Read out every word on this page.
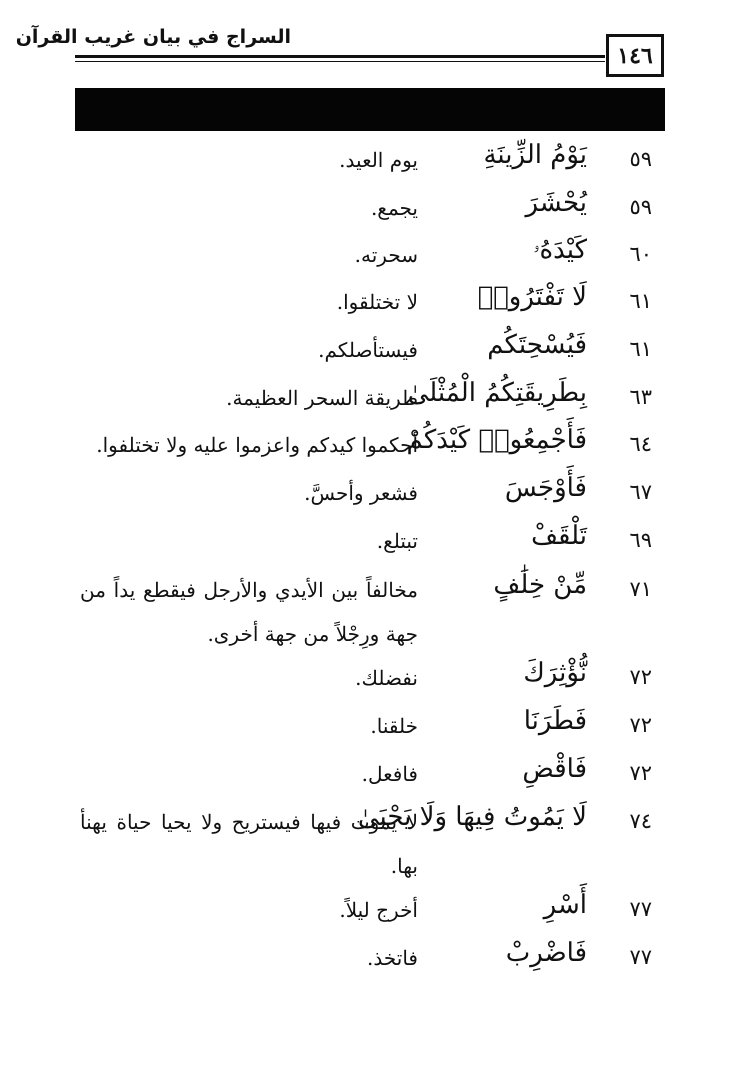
السراج في بيان غريب القرآن
١٤٦
٥٩
يَوْمُ الزِّينَةِ
يوم العيد.
٥٩
يُحْشَرَ
يجمع.
٦٠
كَيْدَهُۥ
سحرته.
٦١
لَا تَفْتَرُوا۟
لا تختلقوا.
٦١
فَيُسْحِتَكُم
فيستأصلكم.
٦٣
بِطَرِيقَتِكُمُ الْمُثْلَىٰ
طريقة السحر العظيمة.
٦٤
فَأَجْمِعُوا۟ كَيْدَكُمْ
أحكموا كيدكم واعزموا عليه ولا تختلفوا.
٦٧
فَأَوْجَسَ
فشعر وأحسَّ.
٦٩
تَلْقَفْ
تبتلع.
٧١
مِّنْ خِلَٰفٍ
مخالفاً بين الأيدي والأرجل فيقطع يداً من جهة ورِجْلاً من جهة أخرى.
٧٢
نُّؤْثِرَكَ
نفضلك.
٧٢
فَطَرَنَا
خلقنا.
٧٢
فَاقْضِ
فافعل.
٧٤
لَا يَمُوتُ فِيهَا وَلَا يَحْيَىٰ
لا يموت فيها فيستريح ولا يحيا حياة يهنأ بها.
٧٧
أَسْرِ
أخرج ليلاً.
٧٧
فَاضْرِبْ
فاتخذ.
